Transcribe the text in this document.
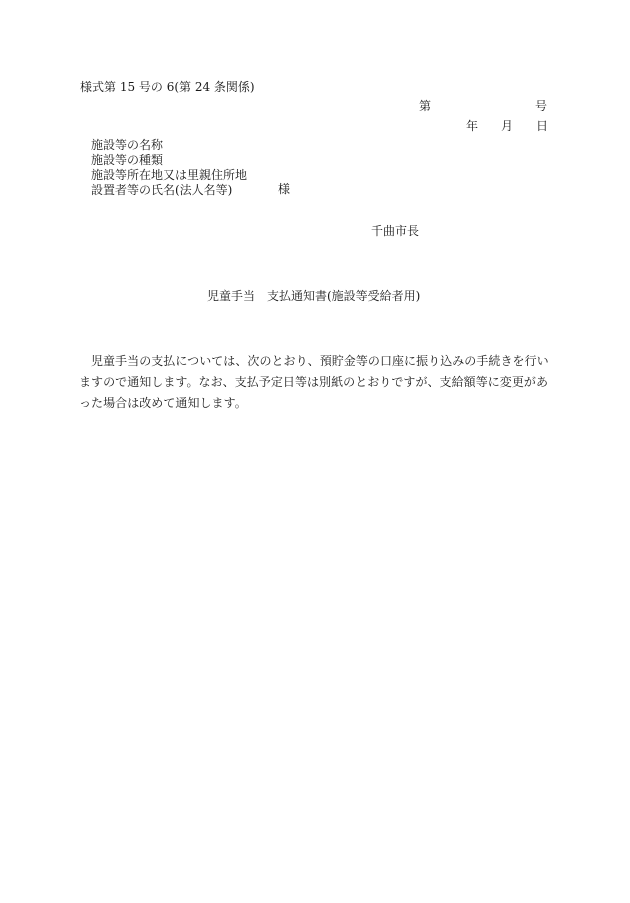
様式第 15 号の 6(第 24 条関係)
第	号
年 月 日
施設等の名称
施設等の種類
施設等所在地又は里親住所地
設置者等の氏名(法人名等)	様
千曲市長
児童手当　支払通知書(施設等受給者用)
児童手当の支払については、次のとおり、預貯金等の口座に振り込みの手続きを行いますので通知します。なお、支払予定日等は別紙のとおりですが、支給額等に変更があった場合は改めて通知します。
